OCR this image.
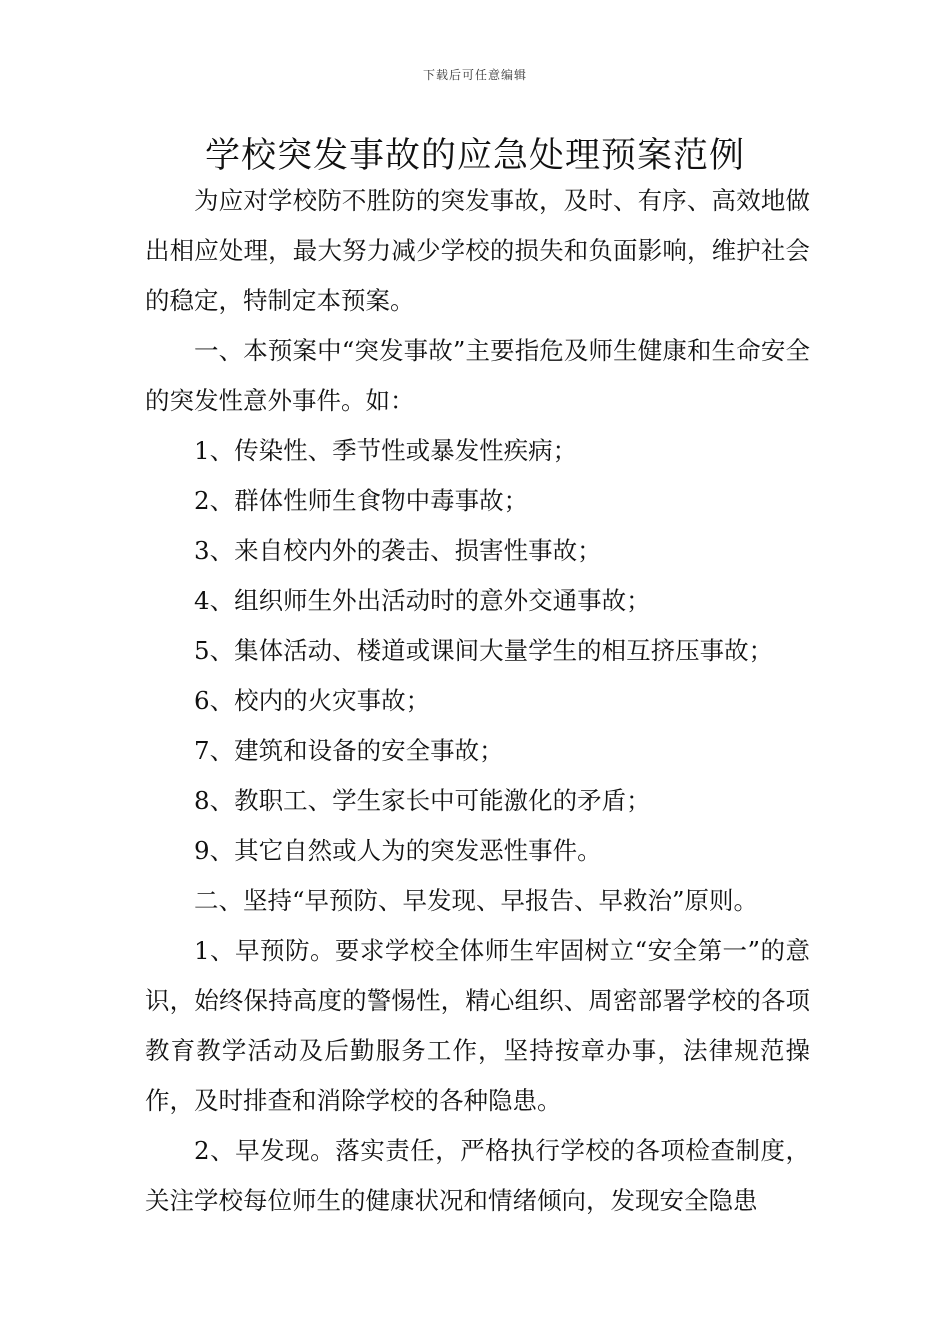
下载后可任意编辑
学校突发事故的应急处理预案范例

为应对学校防不胜防的突发事故，及时、有序、高效地做出相应处理，最大努力减少学校的损失和负面影响，维护社会的稳定，特制定本预案。

一、本预案中“突发事故”主要指危及师生健康和生命安全的突发性意外事件。如：

1、传染性、季节性或暴发性疾病；

2、群体性师生食物中毒事故；

3、来自校内外的袭击、损害性事故；

4、组织师生外出活动时的意外交通事故；

5、集体活动、楼道或课间大量学生的相互挤压事故；

6、校内的火灾事故；

7、建筑和设备的安全事故；

8、教职工、学生家长中可能激化的矛盾；

9、其它自然或人为的突发恶性事件。

二、坚持“早预防、早发现、早报告、早救治”原则。

1、早预防。要求学校全体师生牢固树立“安全第一”的意识，始终保持高度的警惕性，精心组织、周密部署学校的各项教育教学活动及后勤服务工作，坚持按章办事，法律规范操作，及时排查和消除学校的各种隐患。

2、早发现。落实责任，严格执行学校的各项检查制度，关注学校每位师生的健康状况和情绪倾向，发现安全隐患
